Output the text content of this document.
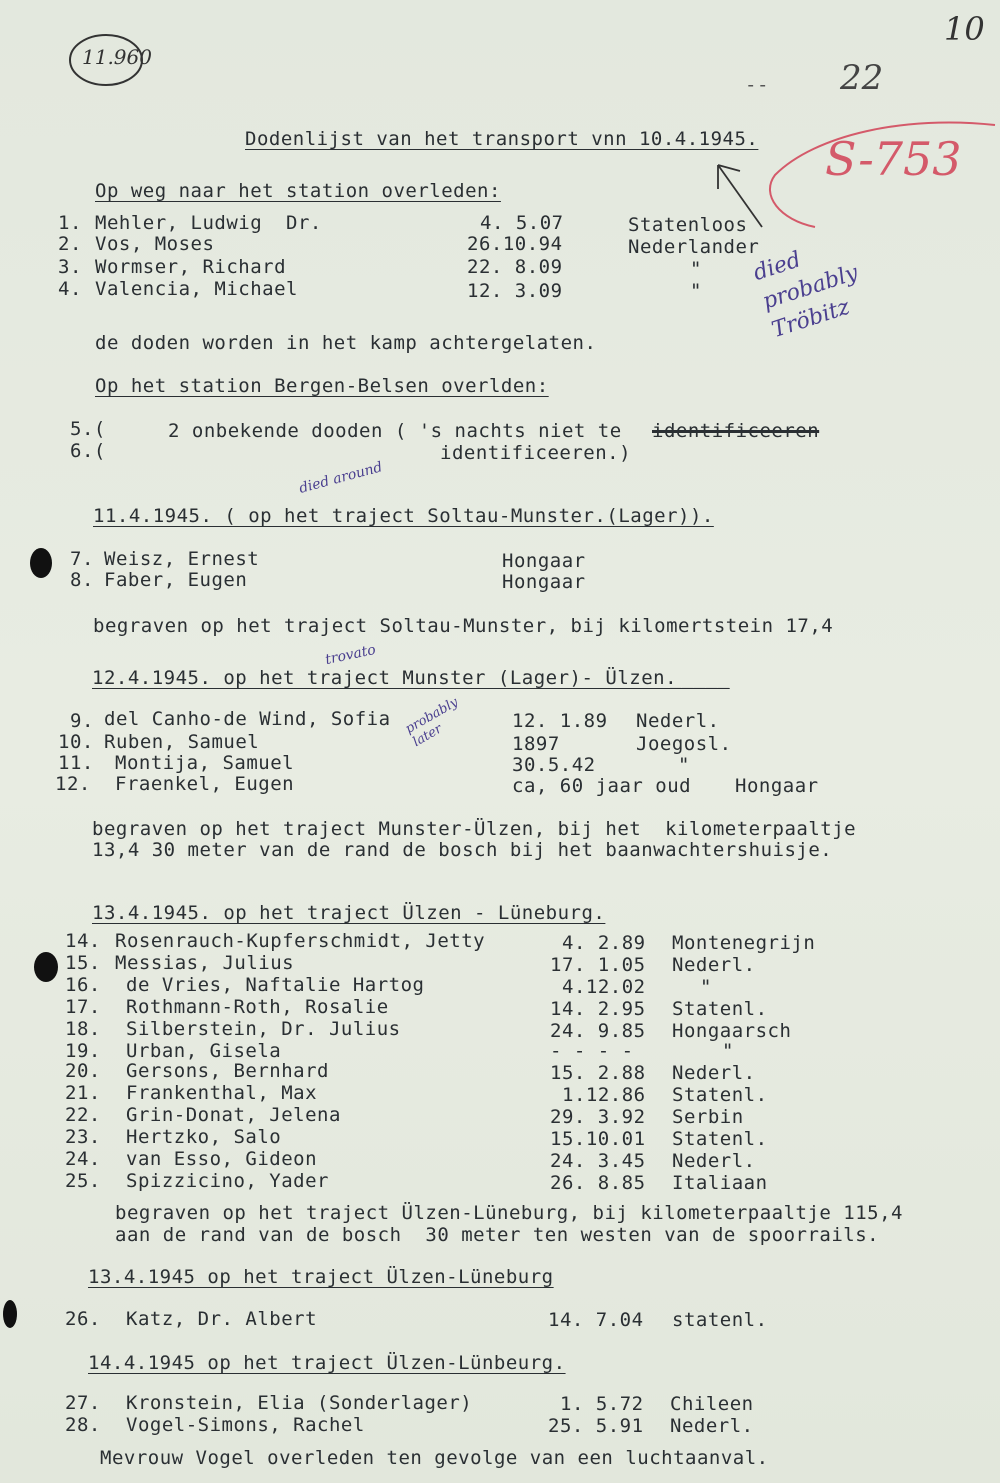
11.960
10
-- 22
S-753
died probably Tröbitz
died around
trovato
probably later
Dodenlijst van het transport vnn 10.4.1945.
Op weg naar het station overleden:
1. Mehler, Ludwig  Dr.	4. 5.07	Statenloos
2. Vos, Moses	26.10.94	Nederlander
3. Wormser, Richard	22. 8.09	"
4. Valencia, Michael	12. 3.09	"
de doden worden in het kamp achtergelaten.
Op het station Bergen-Belsen overlden:
5.(
6.(
2 onbekende dooden ( 's nachts niet te identificeeren
identificeeren.)
11.4.1945. ( op het traject Soltau-Munster.(Lager)).
7. Weisz, Ernest	Hongaar
8. Faber, Eugen	Hongaar
begraven op het traject Soltau-Munster, bij kilomertstein 17,4
12.4.1945. op het traject Munster (Lager)- Ülzen.
_____
9. del Canho-de Wind, Sofia	12. 1.89 Nederl.
10. Ruben, Samuel	1897	Joegosl.
11. Montija, Samuel	30.5.42	"
12. Fraenkel, Eugen	ca, 60 jaar oud Hongaar
begraven op het traject Munster-Ülzen, bij het  kilometerpaaltje
13,4 30 meter van de rand de bosch bij het baanwachtershuisje.
13.4.1945. op het traject Ülzen - Lüneburg.
14. Rosenrauch-Kupferschmidt, Jetty	4. 2.89 Montenegrijn
15. Messias, Julius	17. 1.05 Nederl.
16. de Vries, Naftalie Hartog	4.12.02	"
17. Rothmann-Roth, Rosalie	14. 2.95 Statenl.
18. Silberstein, Dr. Julius	24. 9.85 Hongaarsch
19. Urban, Gisela	- - - -	"
20. Gersons, Bernhard	15. 2.88 Nederl.
21. Frankenthal, Max	1.12.86 Statenl.
22. Grin-Donat, Jelena	29. 3.92 Serbin
23. Hertzko, Salo	15.10.01 Statenl.
24. van Esso, Gideon	24. 3.45 Nederl.
25. Spizzicino, Yader	26. 8.85 Italiaan
begraven op het traject Ülzen-Lüneburg, bij kilometerpaaltje 115,4
aan de rand van de bosch  30 meter ten westen van de spoorrails.
13.4.1945 op het traject Ülzen-Lüneburg
26. Katz, Dr. Albert	14. 7.04 statenl.
14.4.1945 op het traject Ülzen-Lünbeurg.
27. Kronstein, Elia (Sonderlager)	1. 5.72 Chileen
28. Vogel-Simons, Rachel	25. 5.91 Nederl.
Mevrouw Vogel overleden ten gevolge van een luchtaanval.
